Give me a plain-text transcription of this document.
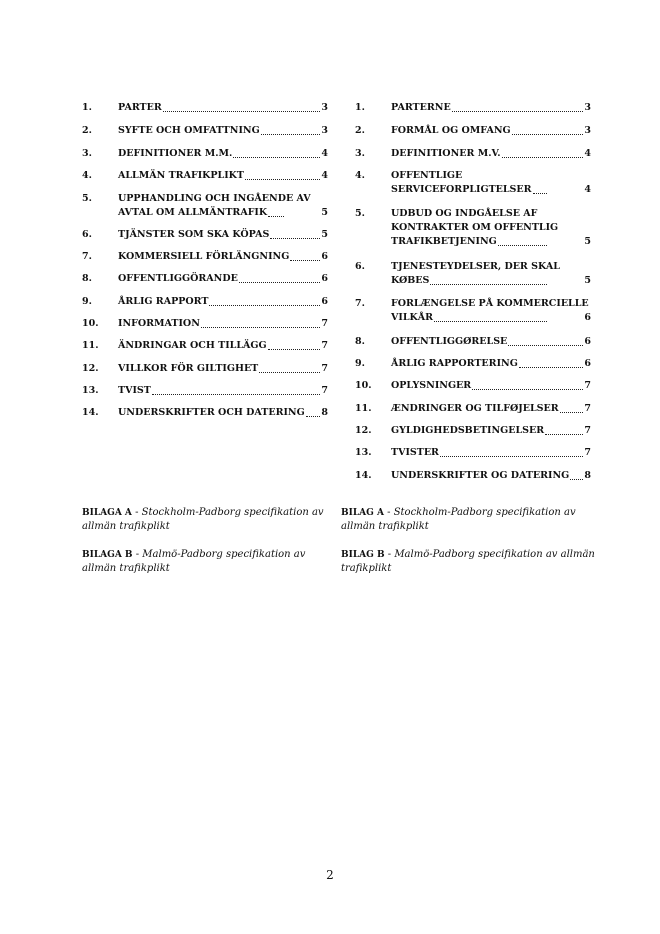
1.	PARTER	3
2.	SYFTE OCH OMFATTNING	3
3.	DEFINITIONER M.M.	4
4.	ALLMÄN TRAFIKPLIKT	4
5.	UPPHANDLING OCH INGÅENDE AV
AVTAL OM ALLMÄNTRAFIK	5
6.	TJÄNSTER SOM SKA KÖPAS	5
7.	KOMMERSIELL FÖRLÄNGNING	6
8.	OFFENTLIGGÖRANDE	6
9.	ÅRLIG RAPPORT	6
10. INFORMATION	7
11. ÄNDRINGAR OCH TILLÄGG	7
12. VILLKOR FÖR GILTIGHET	7
13. TVIST	7
14. UNDERSKRIFTER OCH DATERING 8
1.	PARTERNE	3
2.	FORMÅL OG OMFANG	3
3.	DEFINITIONER M.V.	4
4.	OFFENTLIGE
SERVICEFORPLIGTELSER	4
5.	UDBUD OG INDGÅELSE AF
KONTRAKTER OM OFFENTLIG
TRAFIKBETJENING	5
6.	TJENESTEYDELSER, DER SKAL
KØBES	5
7.	FORLÆNGELSE PÅ KOMMERCIELLE
VILKÅR	6
8.	OFFENTLIGGØRELSE	6
9.	ÅRLIG RAPPORTERING	6
10. OPLYSNINGER	7
11. ÆNDRINGER OG TILFØJELSER	7
12. GYLDIGHEDSBETINGELSER	7
13. TVISTER	7
14. UNDERSKRIFTER OG DATERING 8
BILAGA A - Stockholm-Padborg specifikation av allmän trafikplikt
BILAGA B - Malmö-Padborg specifikation av allmän trafikplikt
BILAG A - Stockholm-Padborg specifikation av allmän trafikplikt
BILAG B - Malmö-Padborg specifikation av allmän trafikplikt
2
